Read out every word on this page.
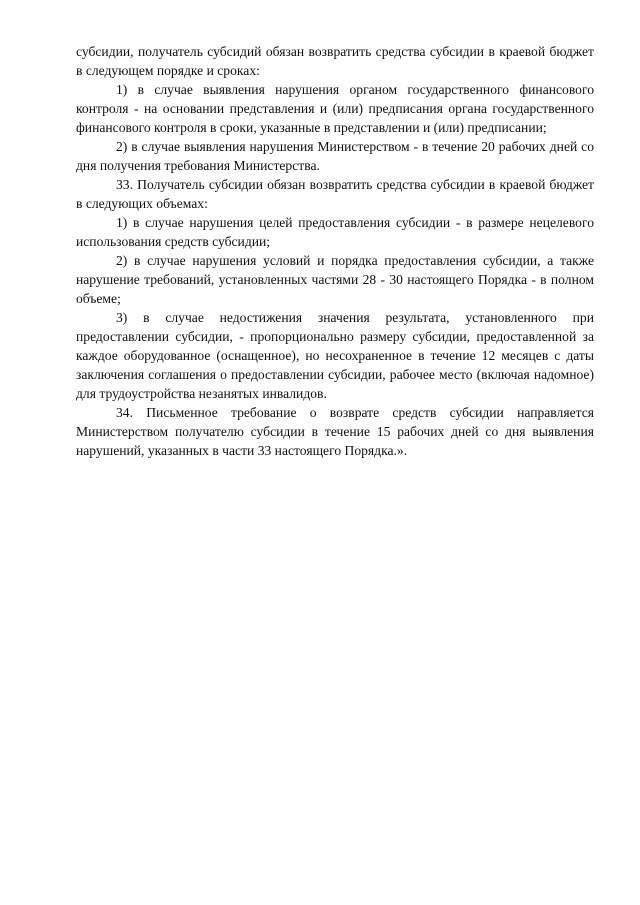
субсидии, получатель субсидий обязан возвратить средства субсидии в краевой бюджет в следующем порядке и сроках:

1) в случае выявления нарушения органом государственного финансового контроля - на основании представления и (или) предписания органа государственного финансового контроля в сроки, указанные в представлении и (или) предписании;

2) в случае выявления нарушения Министерством - в течение 20 рабочих дней со дня получения требования Министерства.

33. Получатель субсидии обязан возвратить средства субсидии в краевой бюджет в следующих объемах:

1) в случае нарушения целей предоставления субсидии - в размере нецелевого использования средств субсидии;

2) в случае нарушения условий и порядка предоставления субсидии, а также нарушение требований, установленных частями 28 - 30 настоящего Порядка - в полном объеме;

3) в случае недостижения значения результата, установленного при предоставлении субсидии, - пропорционально размеру субсидии, предоставленной за каждое оборудованное (оснащенное), но несохраненное в течение 12 месяцев с даты заключения соглашения о предоставлении субсидии, рабочее место (включая надомное) для трудоустройства незанятых инвалидов.

34. Письменное требование о возврате средств субсидии направляется Министерством получателю субсидии в течение 15 рабочих дней со дня выявления нарушений, указанных в части 33 настоящего Порядка.».
